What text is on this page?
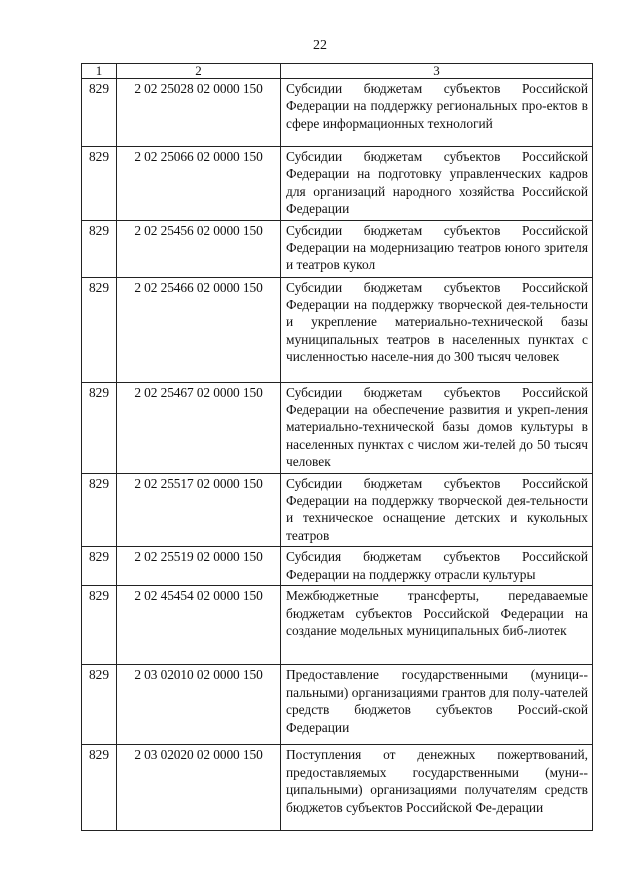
22
1	2	3
829	2 02 25028 02 0000 150	Субсидии бюджетам субъектов Российской Федерации на поддержку региональных про-ектов в сфере информационных технологий
829	2 02 25066 02 0000 150	Субсидии бюджетам субъектов Российской Федерации на подготовку управленческих кадров для организаций народного хозяйства Российской Федерации
829	2 02 25456 02 0000 150	Субсидии бюджетам субъектов Российской Федерации на модернизацию театров юного зрителя и театров кукол
829	2 02 25466 02 0000 150	Субсидии бюджетам субъектов Российской Федерации на поддержку творческой дея-тельности и укрепление материально-технической базы муниципальных театров в населенных пунктах с численностью населе-ния до 300 тысяч человек
829	2 02 25467 02 0000 150	Субсидии бюджетам субъектов Российской Федерации на обеспечение развития и укреп-ления материально-технической базы домов культуры в населенных пунктах с числом жи-телей до 50 тысяч человек
829	2 02 25517 02 0000 150	Субсидии бюджетам субъектов Российской Федерации на поддержку творческой дея-тельности и техническое оснащение детских и кукольных театров
829	2 02 25519 02 0000 150	Субсидия бюджетам субъектов Российской Федерации на поддержку отрасли культуры
829	2 02 45454 02 0000 150	Межбюджетные трансферты, передаваемые бюджетам субъектов Российской Федерации на создание модельных муниципальных биб-лиотек
829	2 03 02010 02 0000 150	Предоставление государственными (муници-пальными) организациями грантов для полу-чателей средств бюджетов субъектов Россий-ской Федерации
829	2 03 02020 02 0000 150	Поступления от денежных пожертвований, предоставляемых государственными (муни-ципальными) организациями получателям средств бюджетов субъектов Российской Фе-дерации
